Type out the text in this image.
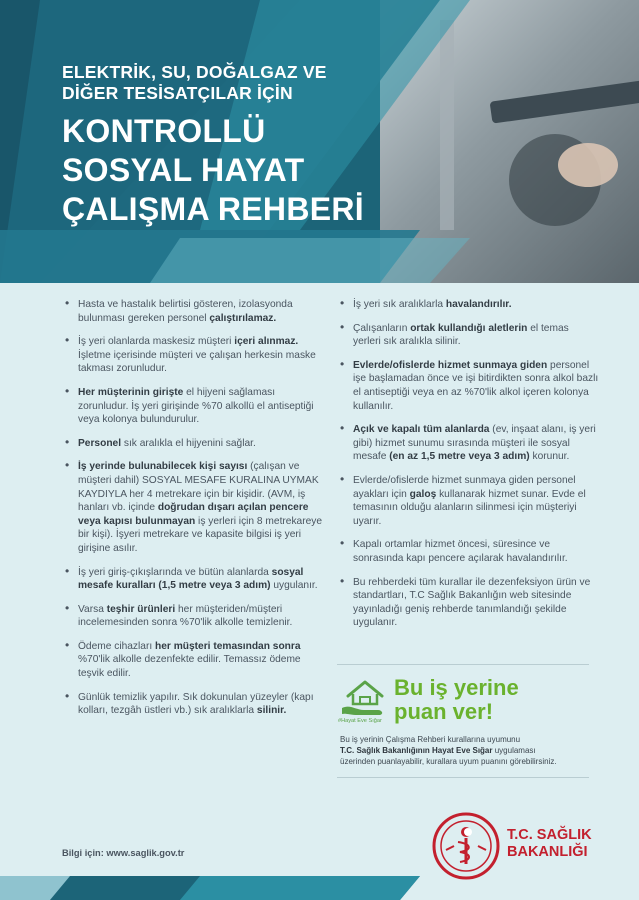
ELEKTRİK, SU, DOĞALGAZ VE
DİĞER TESİSATÇILAR İÇİN

KONTROLLÜ
SOSYAL HAYAT
ÇALIŞMA REHBERİ
• Hasta ve hastalık belirtisi gösteren, izolasyonda bulunması gereken personel çalıştırılamaz.
• İş yeri olanlarda maskesiz müşteri içeri alınmaz. İşletme içerisinde müşteri ve çalışan herkesin maske takması zorunludur.
• Her müşterinin girişte el hijyeni sağlaması zorunludur. İş yeri girişinde %70 alkollü el antiseptiği veya kolonya bulundurulur.
• Personel sık aralıkla el hijyenini sağlar.
• İş yerinde bulunabilecek kişi sayısı (çalışan ve müşteri dahil) SOSYAL MESAFE KURALINA UYMAK KAYDIYLA her 4 metrekare için bir kişidir. (AVM, iş hanları vb. içinde doğrudan dışarı açılan pencere veya kapısı bulunmayan iş yerleri için 8 metrekareye bir kişi). İşyeri metrekare ve kapasite bilgisi iş yeri girişine asılır.
• İş yeri giriş-çıkışlarında ve bütün alanlarda sosyal mesafe kuralları (1,5 metre veya 3 adım) uygulanır.
• Varsa teşhir ürünleri her müşteriden/müşteri incelemesinden sonra %70'lik alkolle temizlenir.
• Ödeme cihazları her müşteri temasından sonra %70'lik alkolle dezenfekte edilir. Temassız ödeme teşvik edilir.
• Günlük temizlik yapılır. Sık dokunulan yüzeyler (kapı kolları, tezgâh üstleri vb.) sık aralıklarla silinir.
• İş yeri sık aralıklarla havalandırılır.
• Çalışanların ortak kullandığı aletlerin el temas yerleri sık aralıkla silinir.
• Evlerde/ofislerde hizmet sunmaya giden personel işe başlamadan önce ve işi bitirdikten sonra alkol bazlı el antiseptiği veya en az %70'lik alkol içeren kolonya kullanılır.
• Açık ve kapalı tüm alanlarda (ev, inşaat alanı, iş yeri gibi) hizmet sunumu sırasında müşteri ile sosyal mesafe (en az 1,5 metre veya 3 adım) korunur.
• Evlerde/ofislerde hizmet sunmaya giden personel ayakları için galoş kullanarak hizmet sunar. Evde el temasının olduğu alanların silinmesi için müşteriyi uyarır.
• Kapalı ortamlar hizmet öncesi, süresince ve sonrasında kapı pencere açılarak havalandırılır.
• Bu rehberdeki tüm kurallar ile dezenfeksiyon ürün ve standartları, T.C Sağlık Bakanlığın web sitesinde yayınladığı geniş rehberde tanımlandığı şekilde uygulanır.
#Hayat Eve Sığar
Bu iş yerine
puan ver!
Bu iş yerinin Çalışma Rehberi kurallarına uyumunu
T.C. Sağlık Bakanlığının Hayat Eve Sığar uygulaması
üzerinden puanlayabilir, kurallara uyum puanını görebilirsiniz.
Bilgi için: www.saglik.gov.tr
T.C. SAĞLIK
BAKANLIĞI
